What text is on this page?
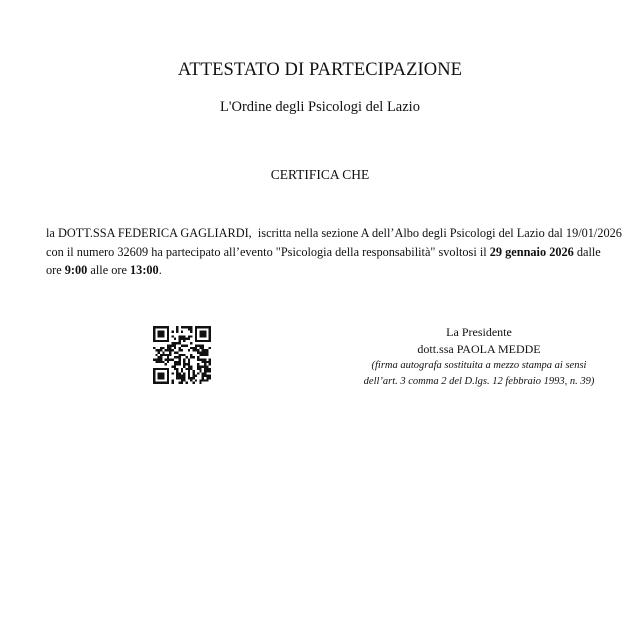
ATTESTATO DI PARTECIPAZIONE
L'Ordine degli Psicologi del Lazio
CERTIFICA CHE
la DOTT.SSA FEDERICA GAGLIARDI,  iscritta nella sezione A dell’Albo degli Psicologi del Lazio dal 19/01/2026
con il numero 32609 ha partecipato all’evento "Psicologia della responsabilità" svoltosi il 29 gennaio 2026 dalle
ore 9:00 alle ore 13:00.
La Presidente
dott.ssa PAOLA MEDDE
(firma autografa sostituita a mezzo stampa ai sensi
dell’art. 3 comma 2 del D.lgs. 12 febbraio 1993, n. 39)
